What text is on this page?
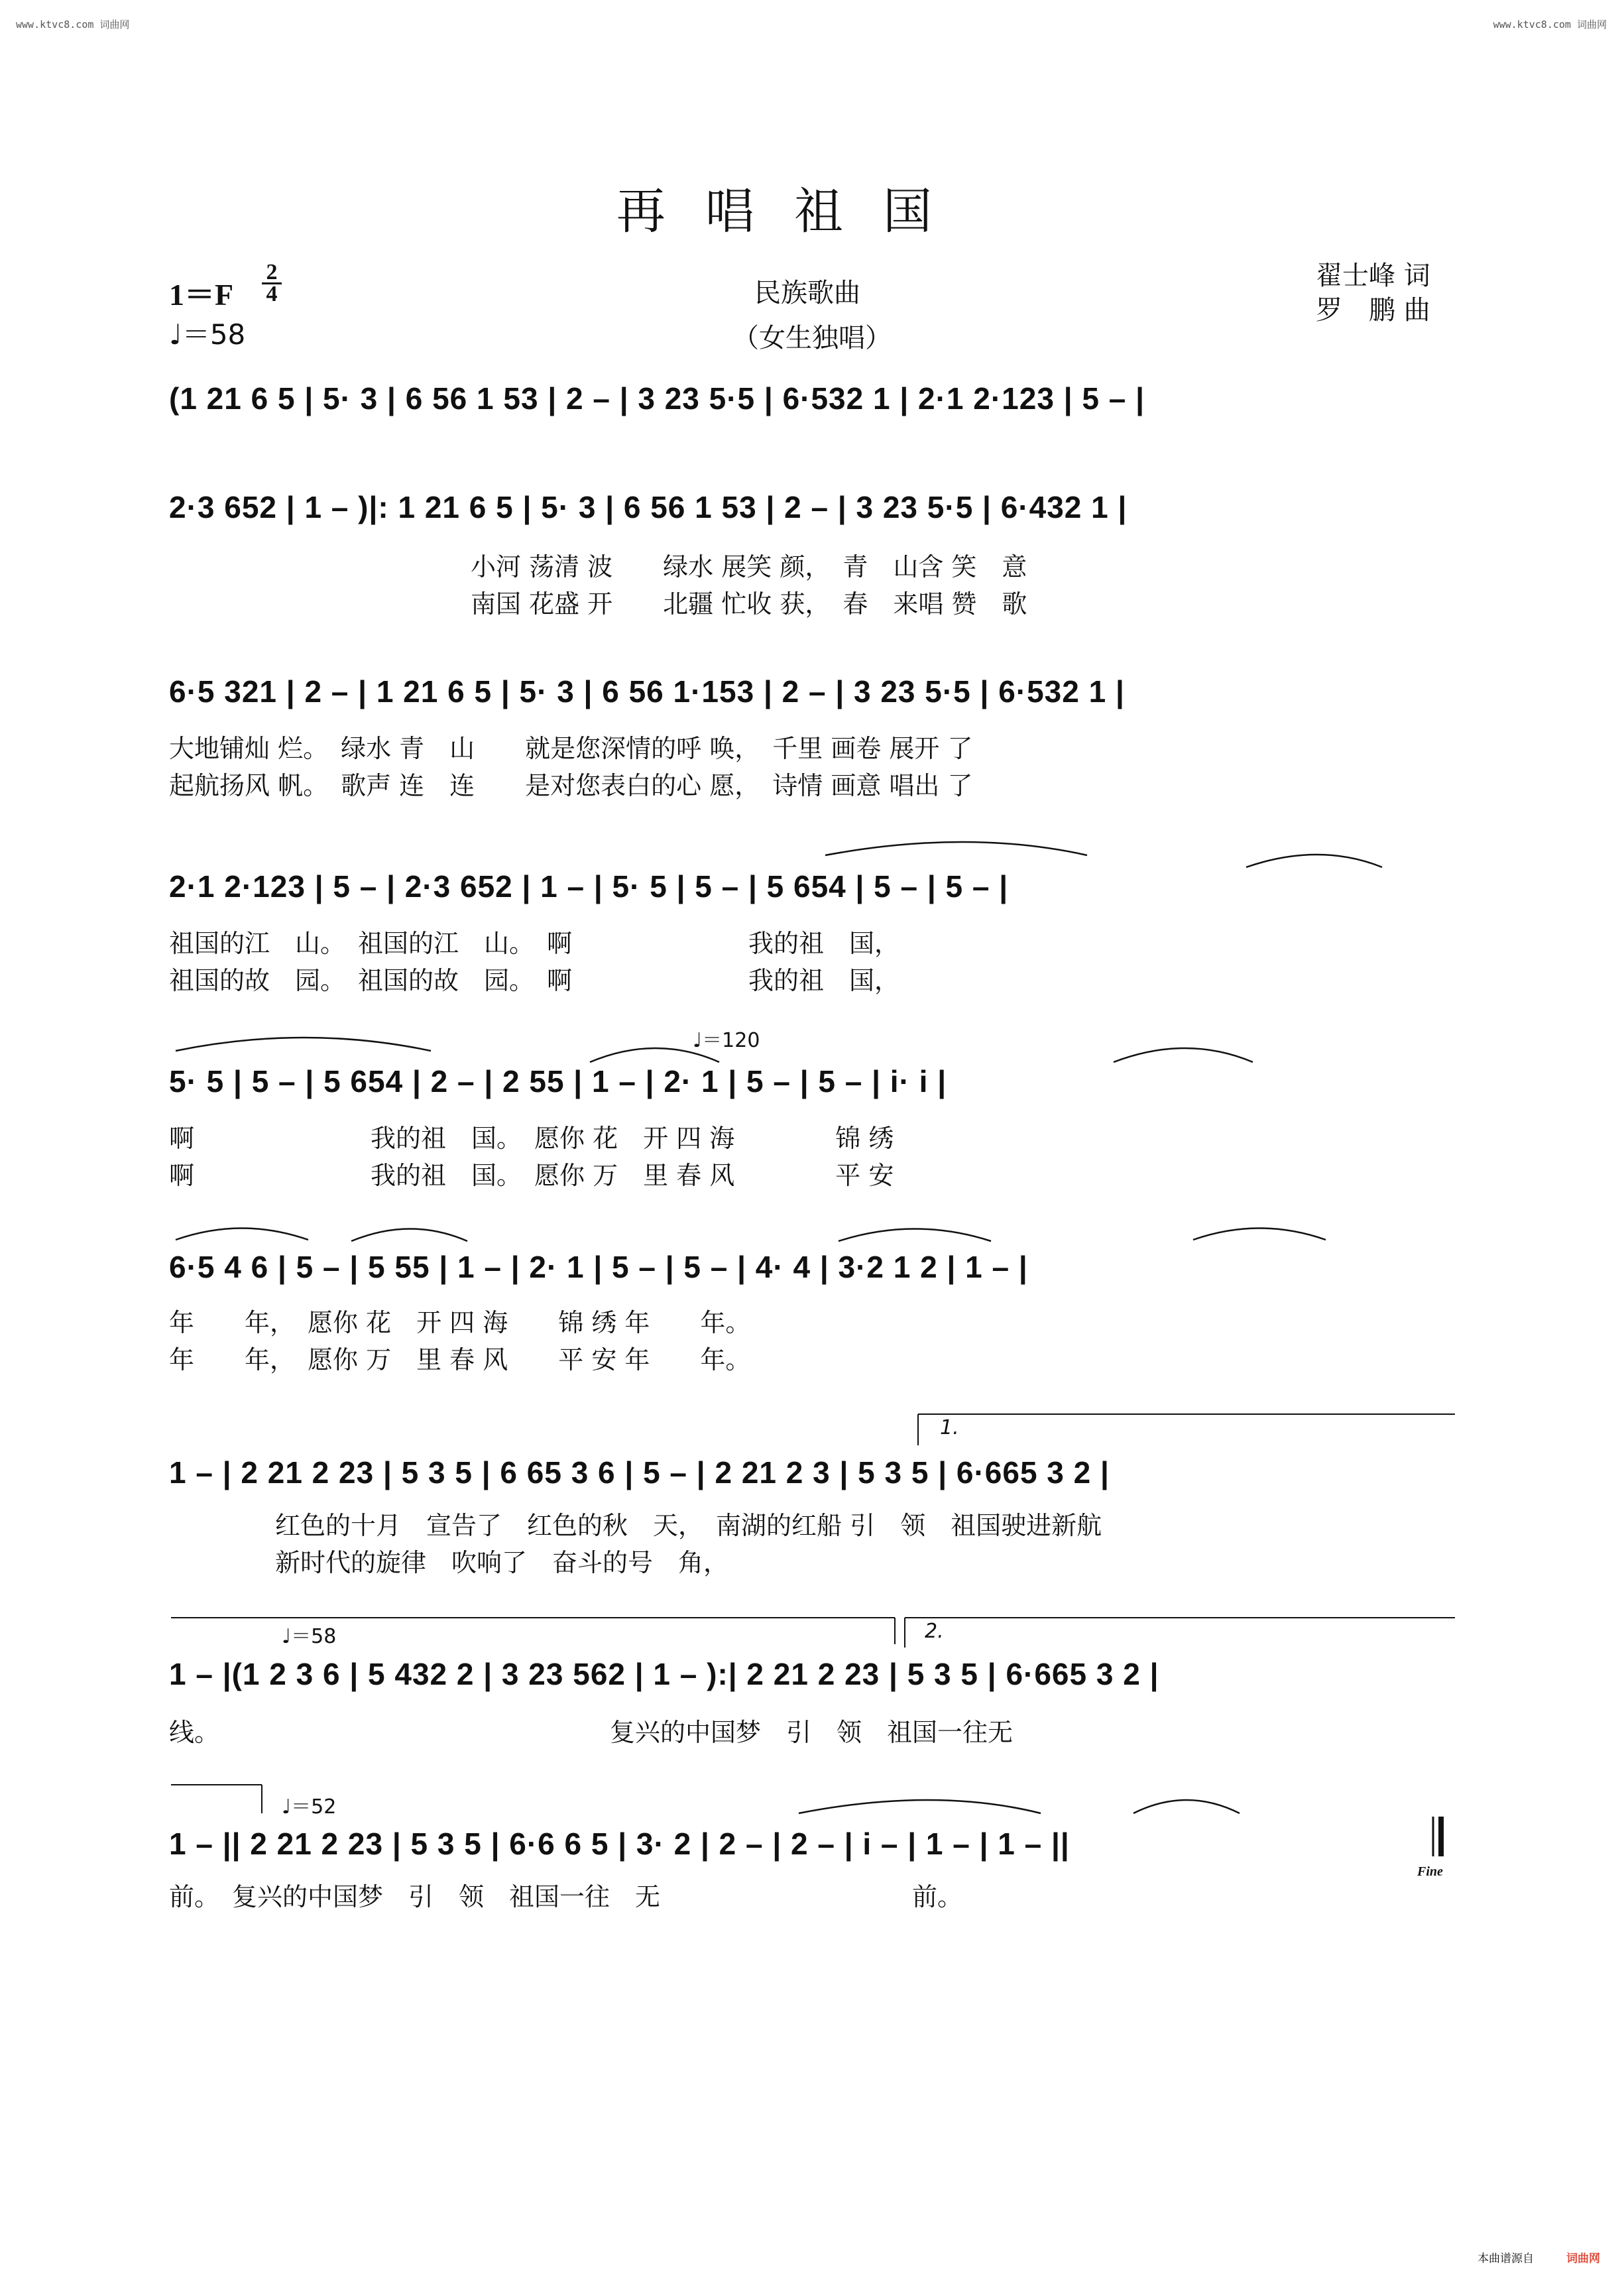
www.ktvc8.com 词曲网	www.ktvc8.com 词曲网
再唱祖国
1＝F
2
4
♩＝58
民族歌曲
（女生独唱）
翟士峰 词
罗　鹏 曲
(1 21 6 5 | 5· 3 | 6 56 1 53 | 2 – | 3 23 5·5 | 6·532 1 | 2·1 2·123 | 5 – |
2·3 652 | 1 – )|: 1 21 6 5 | 5· 3 | 6 56 1 53 | 2 – | 3 23 5·5 | 6·432 1 |
小河 荡清 波　　绿水 展笑 颜，　青　山含 笑　意
南国 花盛 开　　北疆 忙收 获，　春　来唱 赞　歌
6·5 321 | 2 – | 1 21 6 5 | 5· 3 | 6 56 1·153 | 2 – | 3 23 5·5 | 6·532 1 |
大地铺灿 烂。　绿水 青　山　　就是您深情的呼 唤，　千里 画卷 展开 了
起航扬风 帆。　歌声 连　连　　是对您表白的心 愿，　诗情 画意 唱出 了
2·1 2·123 | 5 – | 2·3 652 | 1 – | 5· 5 | 5 – | 5 654 | 5 – | 5 – |
祖国的江　山。　祖国的江　山。　啊　　　　　　　我的祖　国，
祖国的故　园。　祖国的故　园。　啊　　　　　　　我的祖　国，
♩＝120
5· 5 | 5 – | 5 654 | 2 – | 2 55 | 1 – | 2· 1 | 5 – | 5 – | i· i |
啊　　　　　　　我的祖　国。　愿你 花　开 四 海　　　　锦 绣
啊　　　　　　　我的祖　国。　愿你 万　里 春 风　　　　平 安
6·5 4 6 | 5 – | 5 55 | 1 – | 2· 1 | 5 – | 5 – | 4· 4 | 3·2 1 2 | 1 – |
年　　年，　愿你 花　开 四 海　　锦 绣 年　　年。
年　　年，　愿你 万　里 春 风　　平 安 年　　年。
1.
1 – | 2 21 2 23 | 5 3 5 | 6 65 3 6 | 5 – | 2 21 2 3 | 5 3 5 | 6·665 3 2 |
红色的十月　宣告了　红色的秋　天，　南湖的红船 引　领　祖国驶进新航
新时代的旋律　吹响了　奋斗的号　角，
♩＝58	2.
1 – |(1 2 3 6 | 5 432 2 | 3 23 562 | 1 – ):| 2 21 2 23 | 5 3 5 | 6·665 3 2 |
线。　　　　　　　　　　　　　　　　复兴的中国梦　引　领　祖国一往无
♩＝52
1 – || 2 21 2 23 | 5 3 5 | 6·6 6 5 | 3· 2 | 2 – | 2 – | i – | 1 – | 1 – ||
Fine
前。　复兴的中国梦　引　领　祖国一往　无　　　　　　　　　　前。
本曲谱源自	词曲网
